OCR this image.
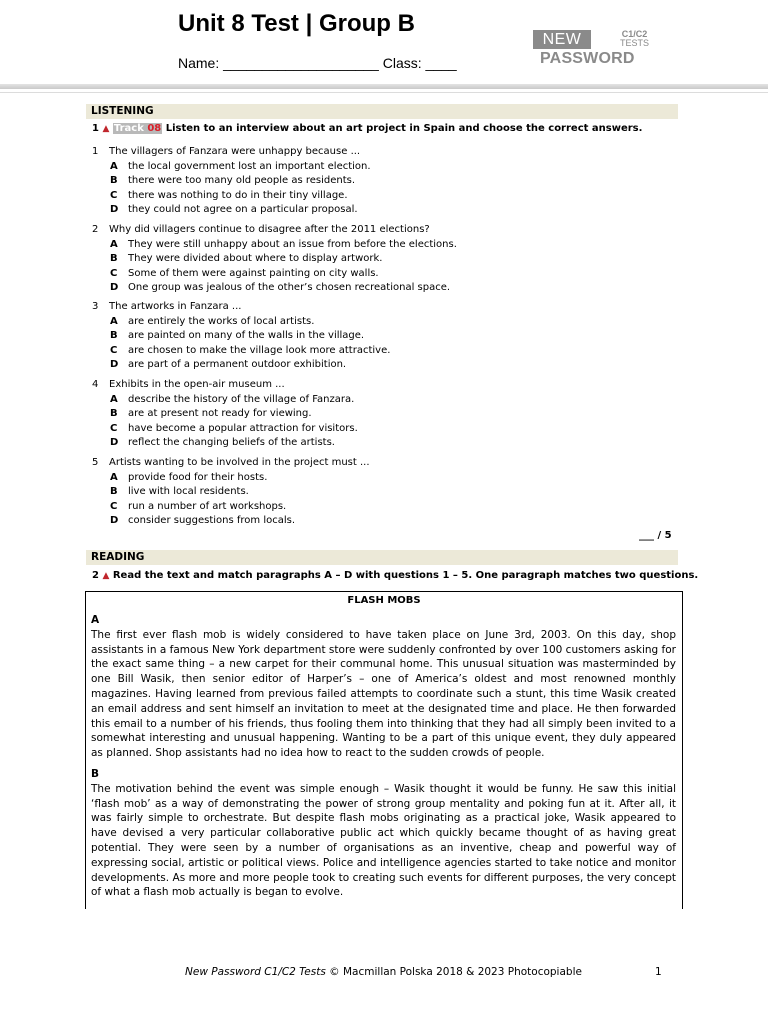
Unit 8 Test | Group B
Name: ____________________ Class: ____
NEW	C1/C2
TESTS
PASSWORD
LISTENING
1 ▲ Track 08 Listen to an interview about an art project in Spain and choose the correct answers.
1 The villagers of Fanzara were unhappy because ...
A the local government lost an important election.
B there were too many old people as residents.
C there was nothing to do in their tiny village.
D they could not agree on a particular proposal.
2 Why did villagers continue to disagree after the 2011 elections?
A They were still unhappy about an issue from before the elections.
B They were divided about where to display artwork.
C Some of them were against painting on city walls.
D One group was jealous of the other’s chosen recreational space.
3 The artworks in Fanzara ...
A are entirely the works of local artists.
B are painted on many of the walls in the village.
C are chosen to make the village look more attractive.
D are part of a permanent outdoor exhibition.
4 Exhibits in the open-air museum ...
A describe the history of the village of Fanzara.
B are at present not ready for viewing.
C have become a popular attraction for visitors.
D reflect the changing beliefs of the artists.
5 Artists wanting to be involved in the project must ...
A provide food for their hosts.
B live with local residents.
C run a number of art workshops.
D consider suggestions from locals.
___ / 5
READING
2 ▲ Read the text and match paragraphs A – D with questions 1 – 5. One paragraph matches two questions.
FLASH MOBS
A
The first ever flash mob is widely considered to have taken place on June 3rd, 2003. On this day, shop assistants in a famous New York department store were suddenly confronted by over 100 customers asking for the exact same thing – a new carpet for their communal home. This unusual situation was masterminded by one Bill Wasik, then senior editor of Harper’s – one of America’s oldest and most renowned monthly magazines. Having learned from previous failed attempts to coordinate such a stunt, this time Wasik created an email address and sent himself an invitation to meet at the designated time and place. He then forwarded this email to a number of his friends, thus fooling them into thinking that they had all simply been invited to a somewhat interesting and unusual happening. Wanting to be a part of this unique event, they duly appeared as planned. Shop assistants had no idea how to react to the sudden crowds of people.
B
The motivation behind the event was simple enough – Wasik thought it would be funny. He saw this initial ‘flash mob’ as a way of demonstrating the power of strong group mentality and poking fun at it. After all, it was fairly simple to orchestrate. But despite flash mobs originating as a practical joke, Wasik appeared to have devised a very particular collaborative public act which quickly became thought of as having great potential. They were seen by a number of organisations as an inventive, cheap and powerful way of expressing social, artistic or political views. Police and intelligence agencies started to take notice and monitor developments. As more and more people took to creating such events for different purposes, the very concept of what a flash mob actually is began to evolve.
New Password C1/C2 Tests © Macmillan Polska 2018 & 2023 Photocopiable	1
